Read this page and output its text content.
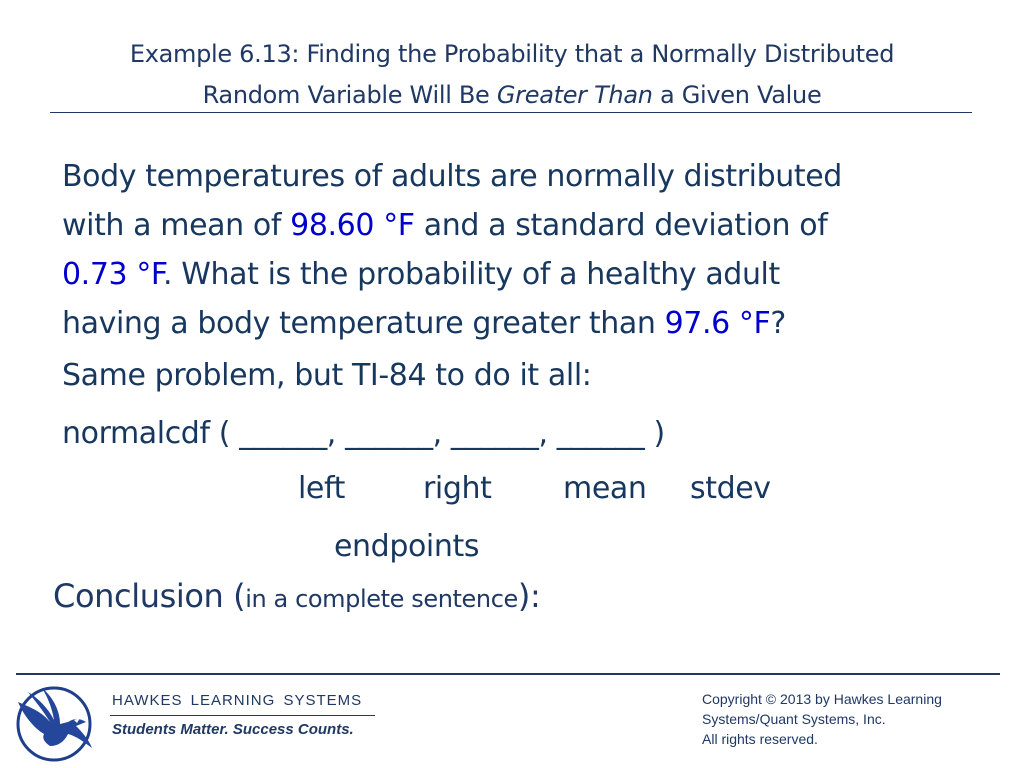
Example 6.13: Finding the Probability that a Normally Distributed
Random Variable Will Be Greater Than a Given Value
Body temperatures of adults are normally distributed
with a mean of 98.60 °F and a standard deviation of
0.73 °F. What is the probability of a healthy adult
having a body temperature greater than 97.6 °F?
Same problem, but TI-84 to do it all:
normalcdf ( ______, ______, ______, ______ )
left	right mean stdev
endpoints
Conclusion (in a complete sentence):
HAWKES LEARNING SYSTEMS
Students Matter. Success Counts.
Copyright © 2013 by Hawkes Learning
Systems/Quant Systems, Inc.
All rights reserved.
